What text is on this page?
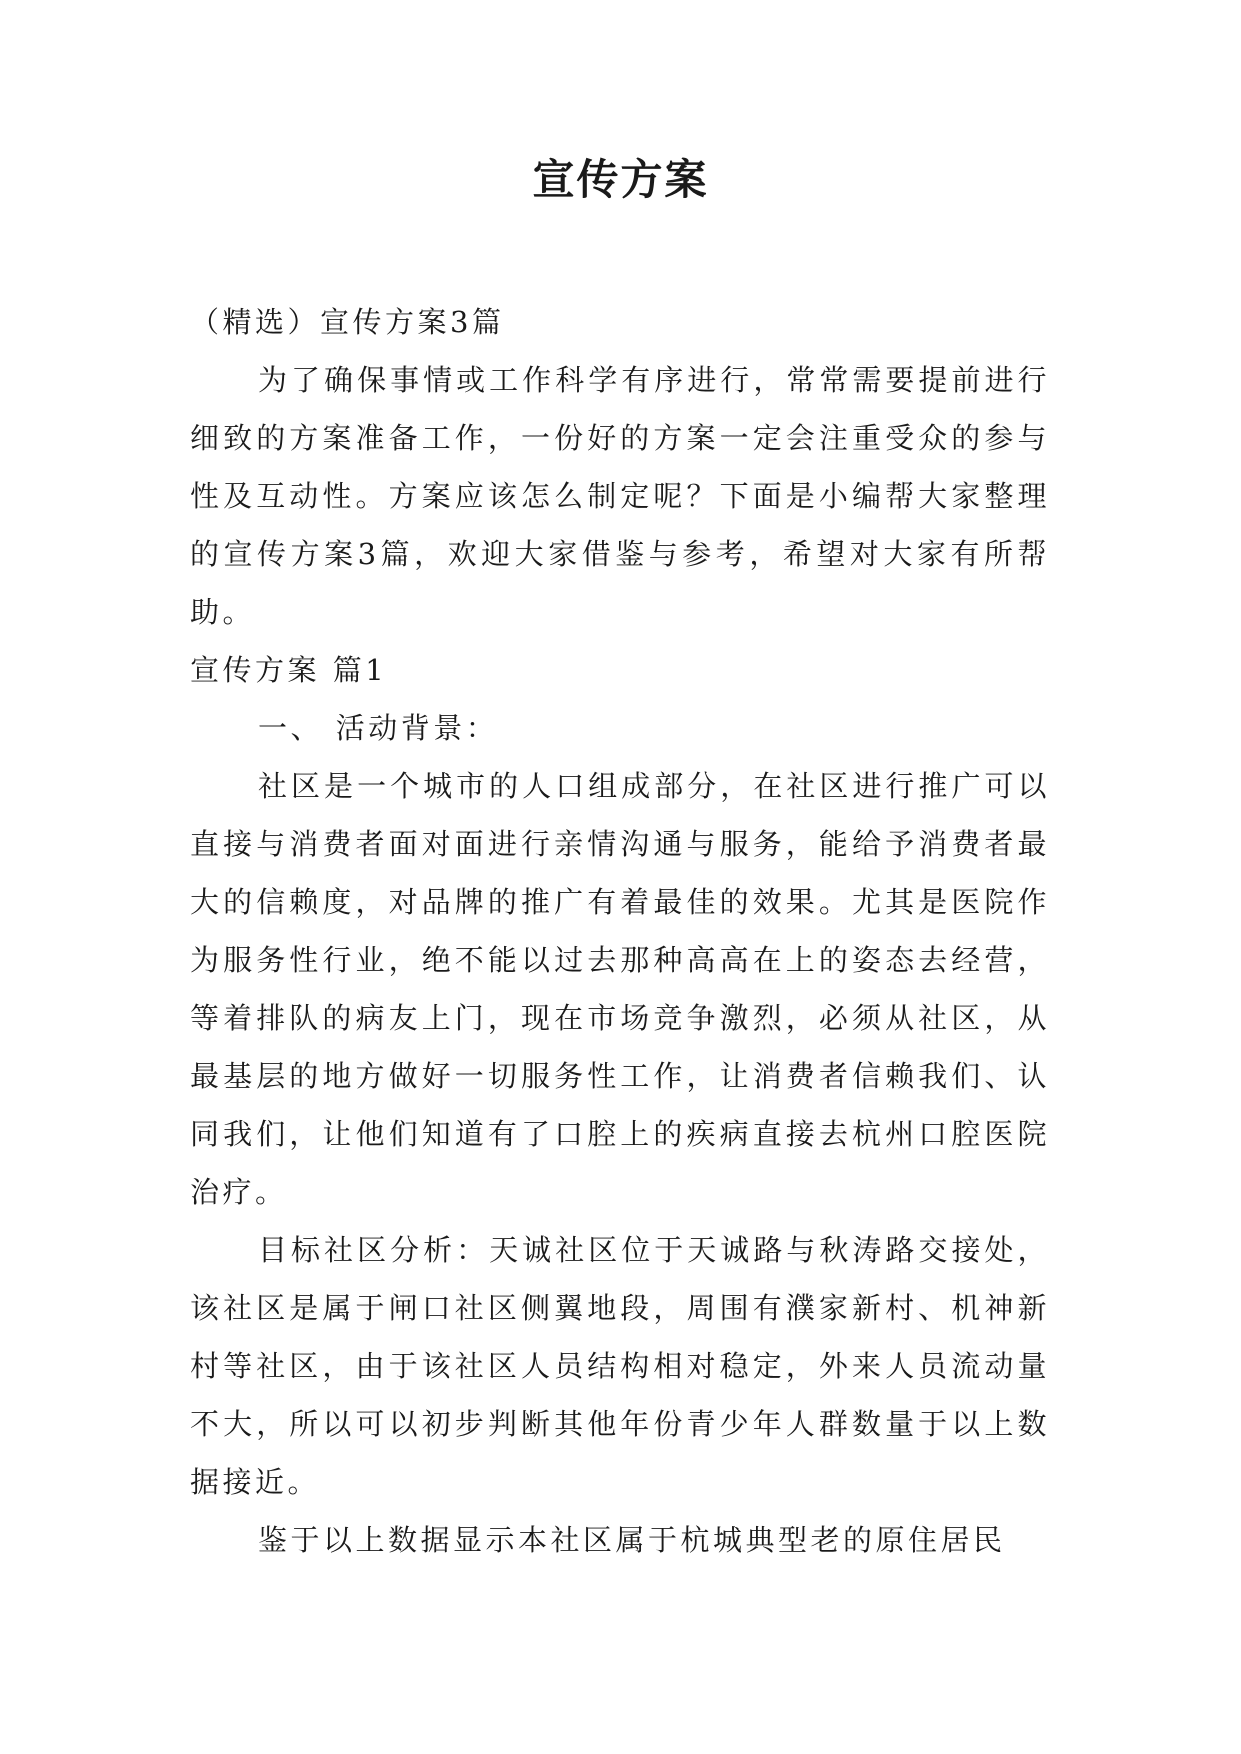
宣传方案

（精选）宣传方案3篇

为了确保事情或工作科学有序进行，常常需要提前进行细致的方案准备工作，一份好的方案一定会注重受众的参与性及互动性。方案应该怎么制定呢？下面是小编帮大家整理的宣传方案3篇，欢迎大家借鉴与参考，希望对大家有所帮助。

宣传方案 篇1

一、 活动背景：

社区是一个城市的人口组成部分，在社区进行推广可以直接与消费者面对面进行亲情沟通与服务，能给予消费者最大的信赖度，对品牌的推广有着最佳的效果。尤其是医院作为服务性行业，绝不能以过去那种高高在上的姿态去经营，等着排队的病友上门，现在市场竞争激烈，必须从社区，从最基层的地方做好一切服务性工作，让消费者信赖我们、认同我们，让他们知道有了口腔上的疾病直接去杭州口腔医院治疗。

目标社区分析：天诚社区位于天诚路与秋涛路交接处，该社区是属于闸口社区侧翼地段，周围有濮家新村、机神新村等社区，由于该社区人员结构相对稳定，外来人员流动量不大，所以可以初步判断其他年份青少年人群数量于以上数据接近。

鉴于以上数据显示本社区属于杭城典型老的原住居民
